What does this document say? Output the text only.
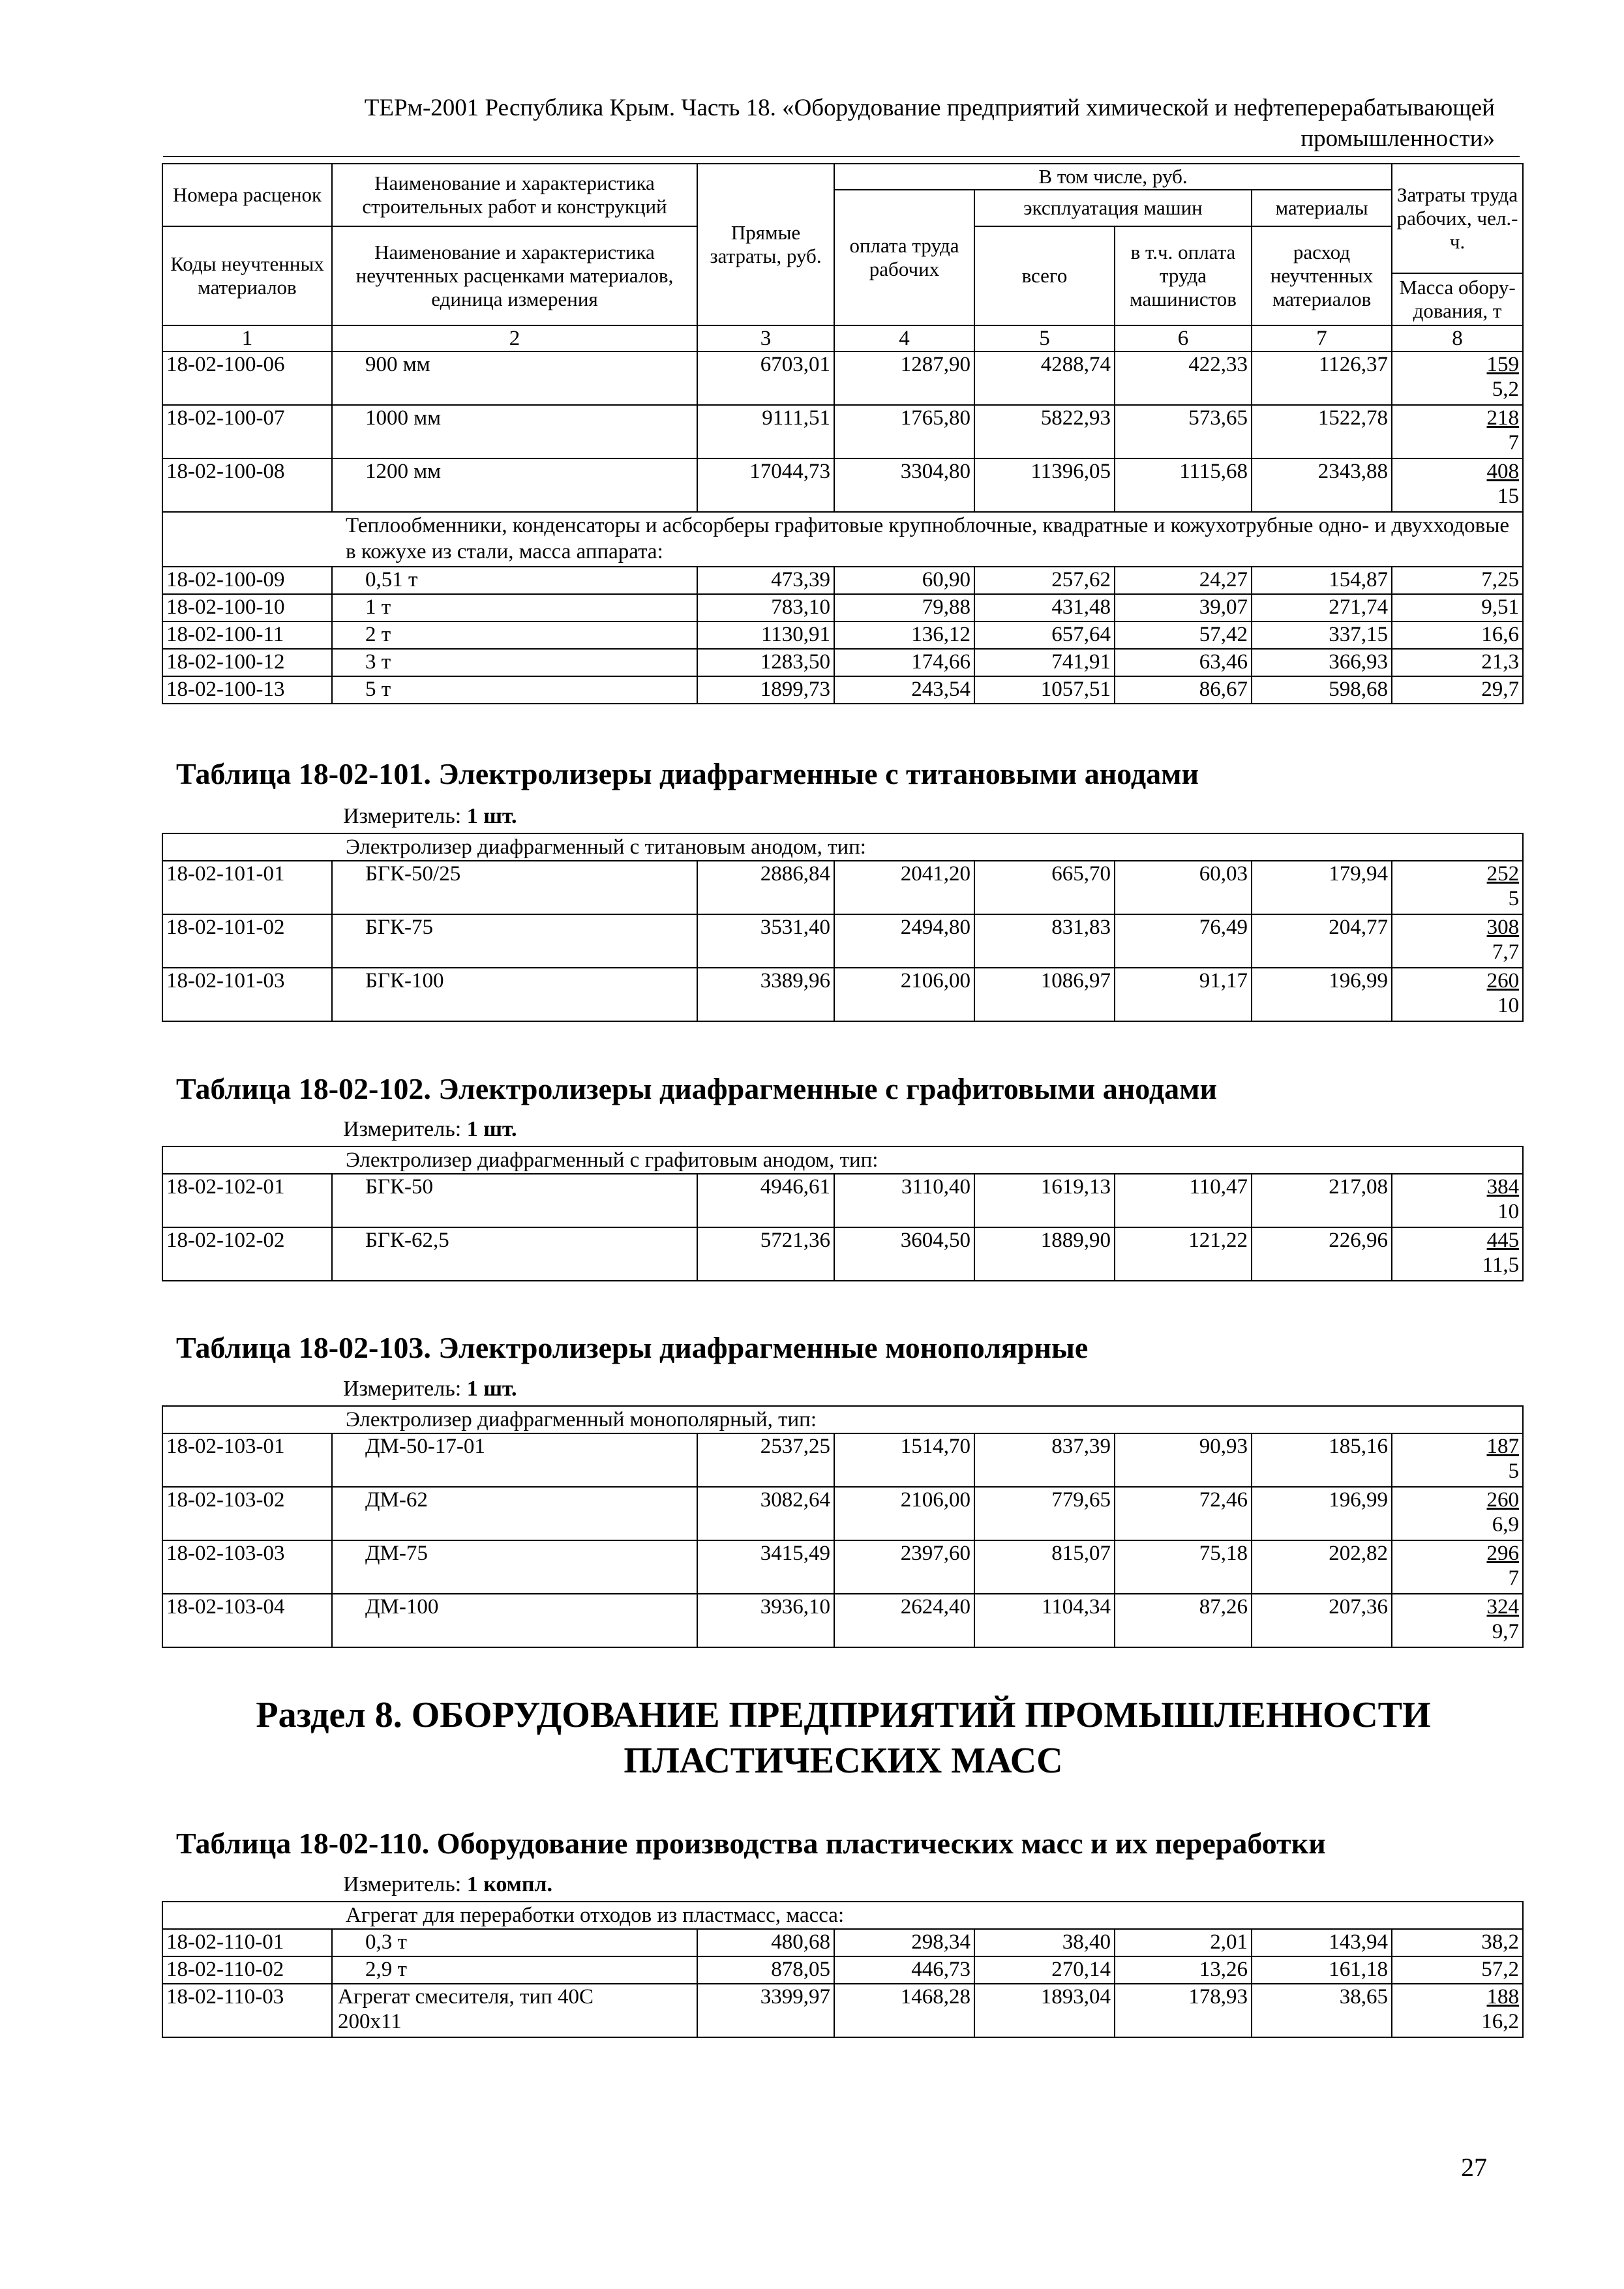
ТЕРм-2001 Республика Крым. Часть 18. «Оборудование предприятий химической и нефтеперерабатывающей
промышленности»
Номера расценок	Наименование и характеристика строительных работ и конструкций	Прямые затраты, руб.	В том числе, руб.				Затраты труда рабочих, чел.-ч.
			оплата труда рабочих	эксплуатация машин		материалы	
Коды неучтенных материалов	Наименование и характеристика неучтенных расценками материалов, единица измерения			всего	в т.ч. оплата труда машинистов	расход неучтенных материалов	
							Масса обору-дования, т
1	2	3	4	5	6	7	8
18-02-100-06	900 мм	6703,01	1287,90	4288,74	422,33	1126,37	159
5,2

18-02-100-07	1000 мм	9111,51	1765,80	5822,93	573,65	1522,78	218
7

18-02-100-08	1200 мм	17044,73	3304,80	11396,05	1115,68	2343,88	408
15

Теплообменники, конденсаторы и асбсорберы графитовые крупноблочные, квадратные и кожухотрубные одно- и двухходовые в кожухе из стали, масса аппарата:							
18-02-100-09	0,51 т	473,39	60,90	257,62	24,27	154,87	7,25
18-02-100-10	1 т	783,10	79,88	431,48	39,07	271,74	9,51
18-02-100-11	2 т	1130,91	136,12	657,64	57,42	337,15	16,6
18-02-100-12	3 т	1283,50	174,66	741,91	63,46	366,93	21,3
18-02-100-13	5 т	1899,73	243,54	1057,51	86,67	598,68	29,7
Таблица 18-02-101. Электролизеры диафрагменные с титановыми анодами
Измеритель: 1 шт.
Электролизер диафрагменный с титановым анодом, тип:							
18-02-101-01	БГК-50/25	2886,84	2041,20	665,70	60,03	179,94	252
5

18-02-101-02	БГК-75	3531,40	2494,80	831,83	76,49	204,77	308
7,7

18-02-101-03	БГК-100	3389,96	2106,00	1086,97	91,17	196,99	260
10
Таблица 18-02-102. Электролизеры диафрагменные с графитовыми анодами
Измеритель: 1 шт.
Электролизер диафрагменный с графитовым анодом, тип:							
18-02-102-01	БГК-50	4946,61	3110,40	1619,13	110,47	217,08	384
10

18-02-102-02	БГК-62,5	5721,36	3604,50	1889,90	121,22	226,96	445
11,5
Таблица 18-02-103. Электролизеры диафрагменные монополярные
Измеритель: 1 шт.
Электролизер диафрагменный монополярный, тип:							
18-02-103-01	ДМ-50-17-01	2537,25	1514,70	837,39	90,93	185,16	187
5

18-02-103-02	ДМ-62	3082,64	2106,00	779,65	72,46	196,99	260
6,9

18-02-103-03	ДМ-75	3415,49	2397,60	815,07	75,18	202,82	296
7

18-02-103-04	ДМ-100	3936,10	2624,40	1104,34	87,26	207,36	324
9,7
Раздел 8. ОБОРУДОВАНИЕ ПРЕДПРИЯТИЙ ПРОМЫШЛЕННОСТИ
ПЛАСТИЧЕСКИХ МАСС
Таблица 18-02-110. Оборудование производства пластических масс и их переработки
Измеритель: 1 компл.
Агрегат для переработки отходов из пластмасс, масса:							
18-02-110-01	0,3 т	480,68	298,34	38,40	2,01	143,94	38,2
18-02-110-02	2,9 т	878,05	446,73	270,14	13,26	161,18	57,2
18-02-110-03	Агрегат смесителя, тип 40С
200х11	3399,97	1468,28	1893,04	178,93	38,65	188
16,2
27
